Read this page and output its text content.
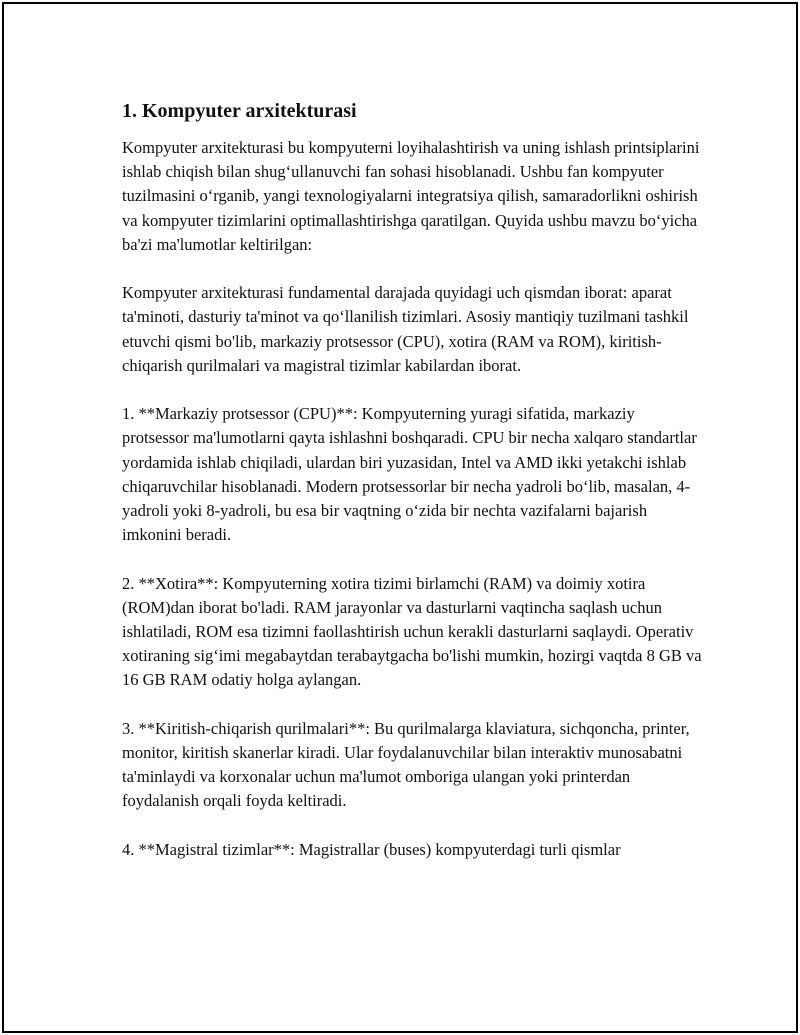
1. Kompyuter arxitekturasi

Kompyuter arxitekturasi bu kompyuterni loyihalashtirish va uning ishlash printsiplarini ishlab chiqish bilan shug‘ullanuvchi fan sohasi hisoblanadi. Ushbu fan kompyuter tuzilmasini o‘rganib, yangi texnologiyalarni integratsiya qilish, samaradorlikni oshirish va kompyuter tizimlarini optimallashtirishga qaratilgan. Quyida ushbu mavzu bo‘yicha ba'zi ma'lumotlar keltirilgan:

Kompyuter arxitekturasi fundamental darajada quyidagi uch qismdan iborat: aparat ta'minoti, dasturiy ta'minot va qo‘llanilish tizimlari. Asosiy mantiqiy tuzilmani tashkil etuvchi qismi bo'lib, markaziy protsessor (CPU), xotira (RAM va ROM), kiritish-chiqarish qurilmalari va magistral tizimlar kabilardan iborat.

1. **Markaziy protsessor (CPU)**: Kompyuterning yuragi sifatida, markaziy protsessor ma'lumotlarni qayta ishlashni boshqaradi. CPU bir necha xalqaro standartlar yordamida ishlab chiqiladi, ulardan biri yuzasidan, Intel va AMD ikki yetakchi ishlab chiqaruvchilar hisoblanadi. Modern protsessorlar bir necha yadroli bo‘lib, masalan, 4-yadroli yoki 8-yadroli, bu esa bir vaqtning o‘zida bir nechta vazifalarni bajarish imkonini beradi.

2. **Xotira**: Kompyuterning xotira tizimi birlamchi (RAM) va doimiy xotira (ROM)dan iborat bo'ladi. RAM jarayonlar va dasturlarni vaqtincha saqlash uchun ishlatiladi, ROM esa tizimni faollashtirish uchun kerakli dasturlarni saqlaydi. Operativ xotiraning sig‘imi megabaytdan terabaytgacha bo'lishi mumkin, hozirgi vaqtda 8 GB va 16 GB RAM odatiy holga aylangan.

3. **Kiritish-chiqarish qurilmalari**: Bu qurilmalarga klaviatura, sichqoncha, printer, monitor, kiritish skanerlar kiradi. Ular foydalanuvchilar bilan interaktiv munosabatni ta'minlaydi va korxonalar uchun ma'lumot omboriga ulangan yoki printerdan foydalanish orqali foyda keltiradi.

4. **Magistral tizimlar**: Magistrallar (buses) kompyuterdagi turli qismlar
